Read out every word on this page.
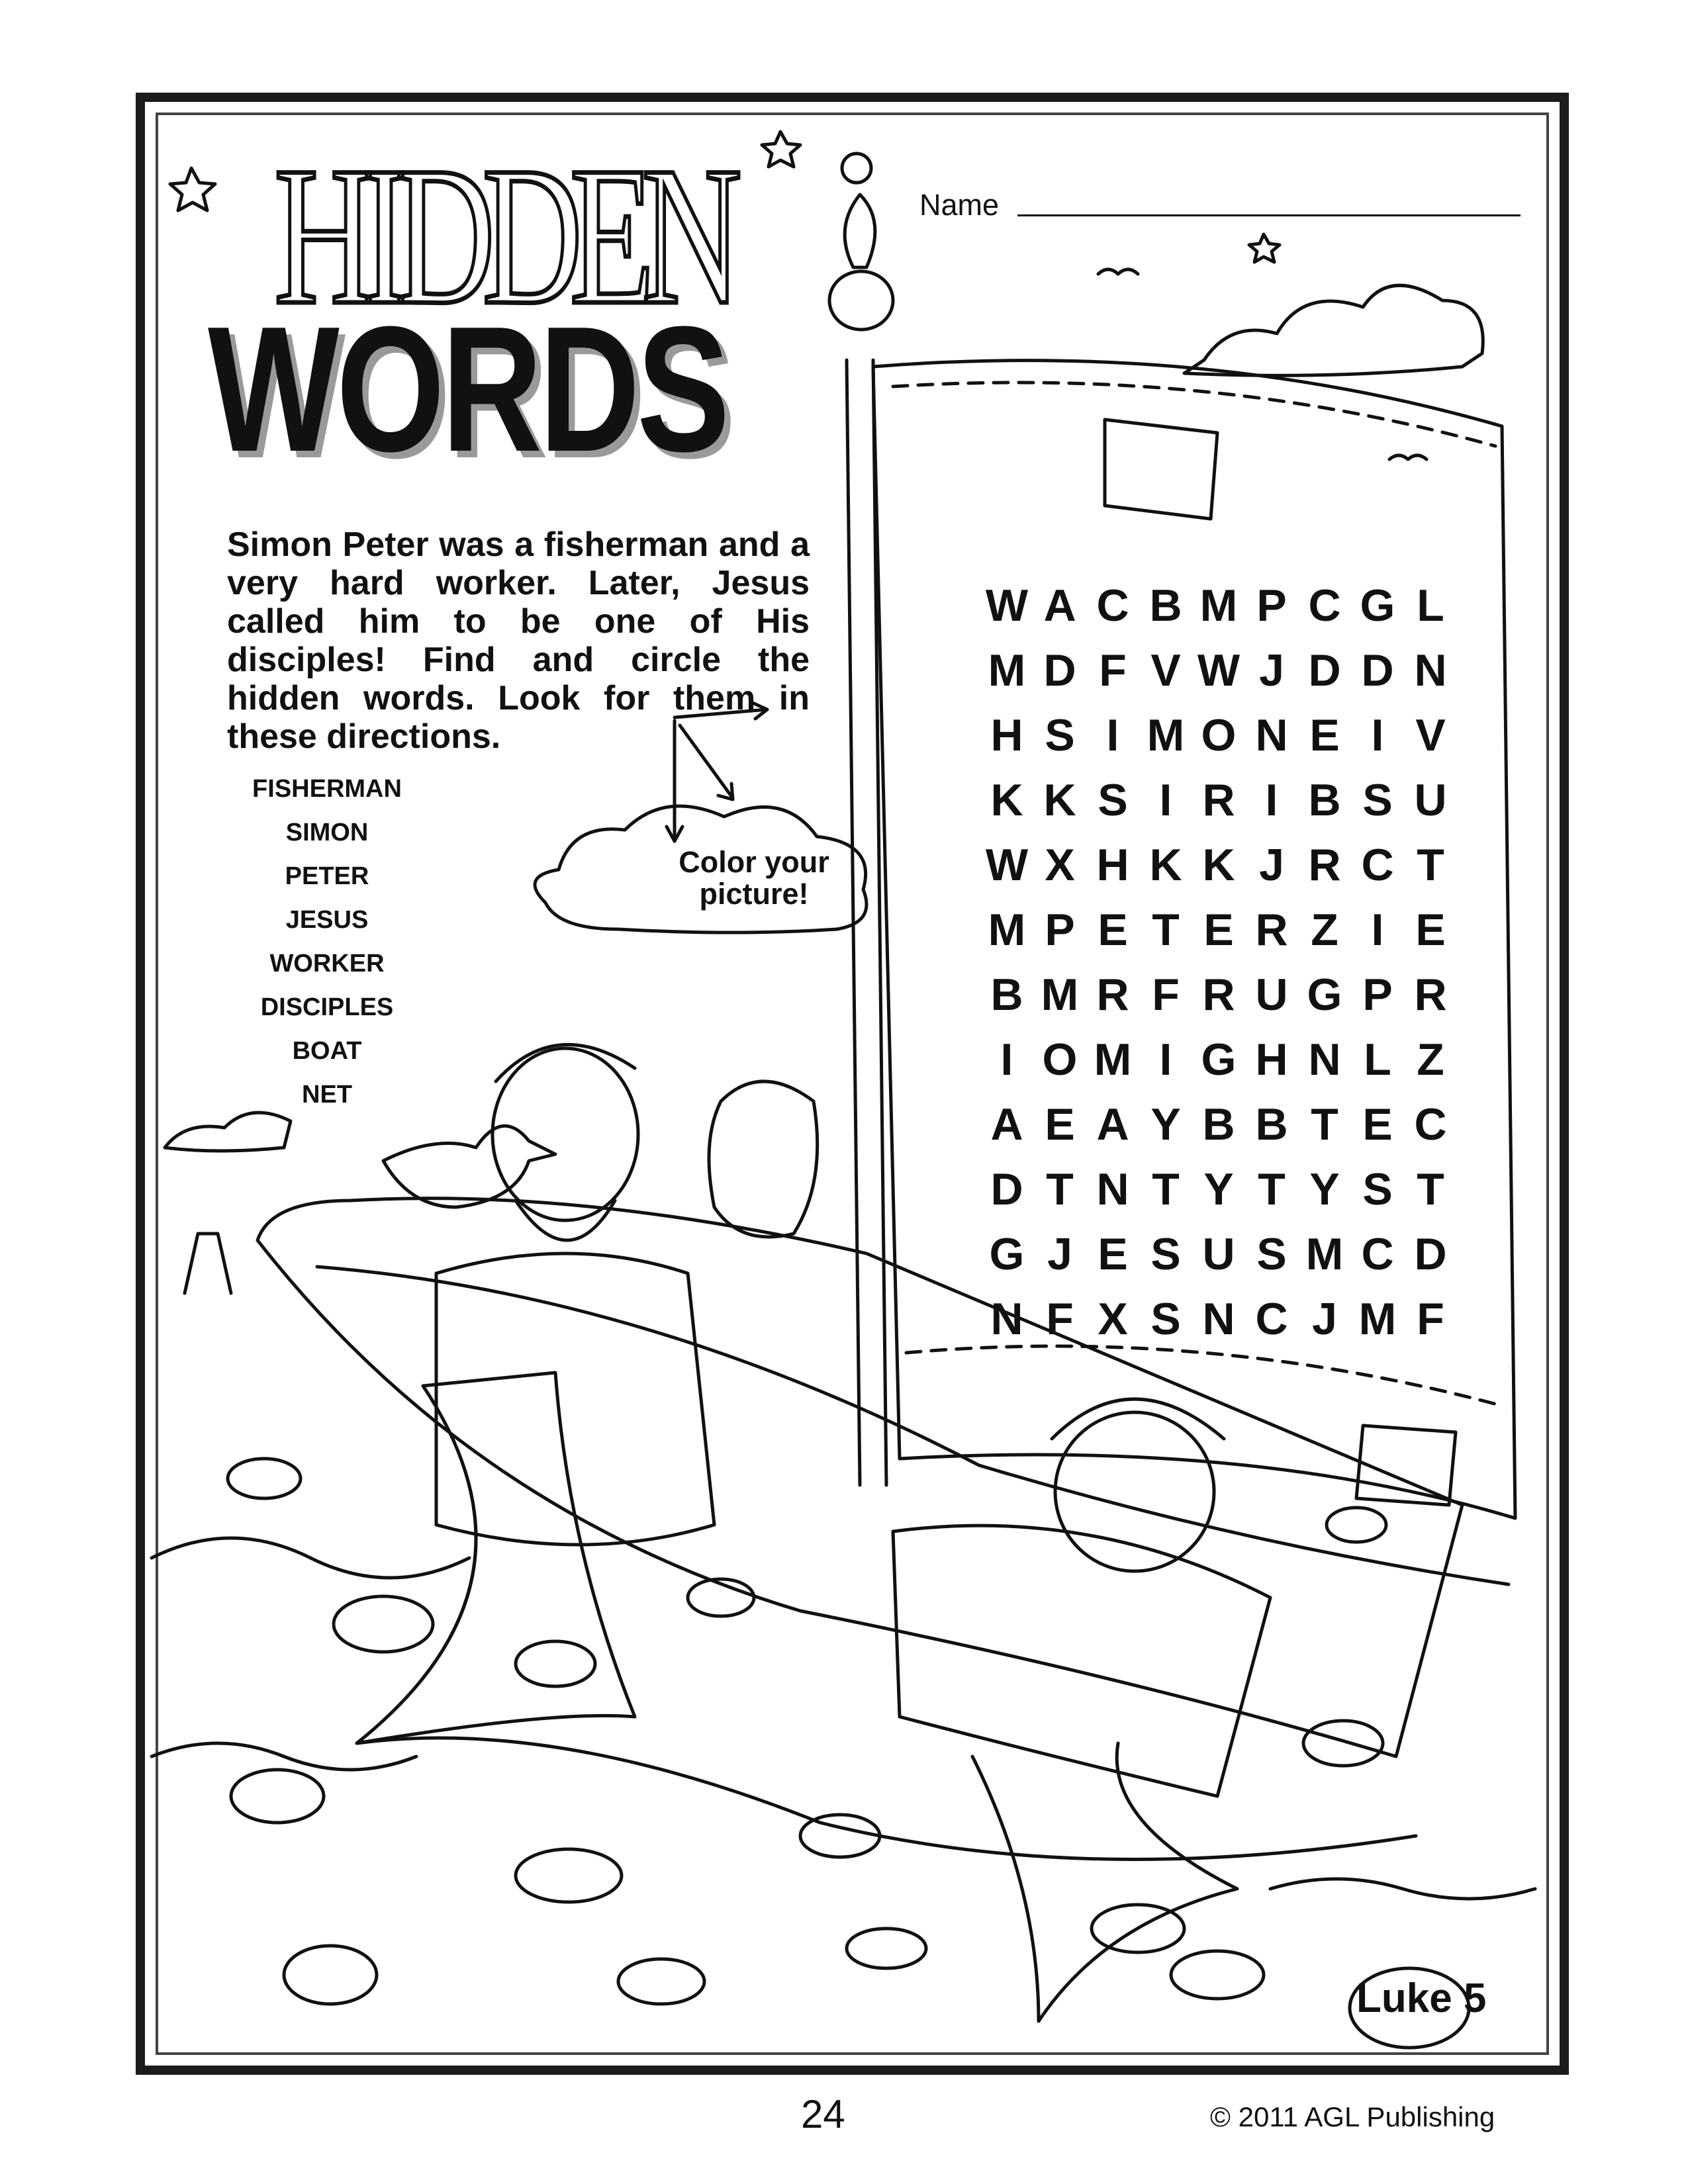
HIDDEN
WORDS
Simon Peter was a fisherman and a very hard worker. Later, Jesus called him to be one of His disciples! Find and circle the hidden words. Look for them in these directions.
FISHERMAN
SIMON
PETER
JESUS
WORKER
DISCIPLES
BOAT
NET
Color your
picture!
Name
W A C B M P C G L
M D F V W J D D N
H S I M O N E I V
K K S I R I B S U
W X H K K J R C T
M P E T E R Z I E
B M R F R U G P R
I O M I G H N L Z
A E A Y B B T E C
D T N T Y T Y S T
G J E S U S M C D
N F X S N C J M F
Luke 5
24	© 2011 AGL Publishing
